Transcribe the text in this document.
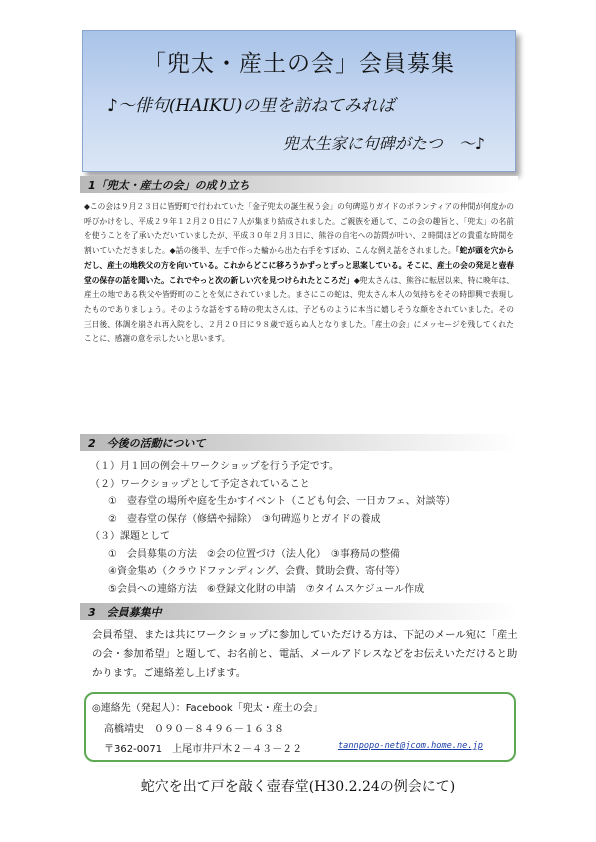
「兜太・産土の会」会員募集
♪～俳句(HAIKU)の里を訪ねてみれば
兜太生家に句碑がたつ　～♪
1「兜太・産土の会」の成り立ち
◆この会は９月２３日に皆野町で行われていた「金子兜太の誕生祝う会」の句碑巡りガイドのボランティアの仲間が何度かの呼びかけをし、平成２９年１２月２０日に７人が集まり結成されました。ご親族を通して、この会の趣旨と、「兜太」の名前を使うことを了承いただいていましたが、平成３０年２月３日に、熊谷の自宅への訪問が叶い、２時間ほどの貴重な時間を割いていただきました。◆話の後半、左手で作った輪から出た右手をすぼめ、こんな例え話をされました。「蛇が頭を穴からだし、産土の地秩父の方を向いている。これからどこに移ろうかずっとずっと思案している。そこに、産土の会の発足と壺春堂の保存の話を聞いた。これでやっと次の新しい穴を見つけられたところだ」◆兜太さんは、熊谷に転居以来、特に晩年は、産土の地である秩父や皆野町のことを気にされていました。まさにこの蛇は、兜太さん本人の気持ちをその時即興で表現したものでありましょう。そのような話をする時の兜太さんは、子どものように本当に嬉しそうな顔をされていました。その三日後、体調を崩され再入院をし、２月２０日に９８歳で返らぬ人となりました。「産土の会」にメッセージを残してくれたことに、感謝の意を示したいと思います。
2　今後の活動について
（１）月１回の例会＋ワークショップを行う予定です。
（２）ワークショップとして予定されていること
①　壺春堂の場所や庭を生かすイベント（こども句会、一日カフェ、対談等）
②　壺春堂の保存（修繕や掃除）　③句碑巡りとガイドの養成
（３）課題として
①　会員募集の方法　②会の位置づけ（法人化）　③事務局の整備
④資金集め（クラウドファンディング、会費、賛助会費、寄付等）
⑤会員への連絡方法　⑥登録文化財の申請　⑦タイムスケジュール作成
3　会員募集中
会員希望、または共にワークショップに参加していただける方は、下記のメール宛に「産土の会・参加希望」と題して、お名前と、電話、メールアドレスなどをお伝えいただけると助かります。ご連絡差し上げます。
◎連絡先（発起人）：Facebook「兜太・産土の会」
高橋靖史　０９０－８４９６－１６３８
〒362-0071　上尾市井戸木２－４３－２２	tannpopo-net@jcom.home.ne.jp
蛇穴を出て戸を敲く壺春堂(H30.2.24の例会にて)
